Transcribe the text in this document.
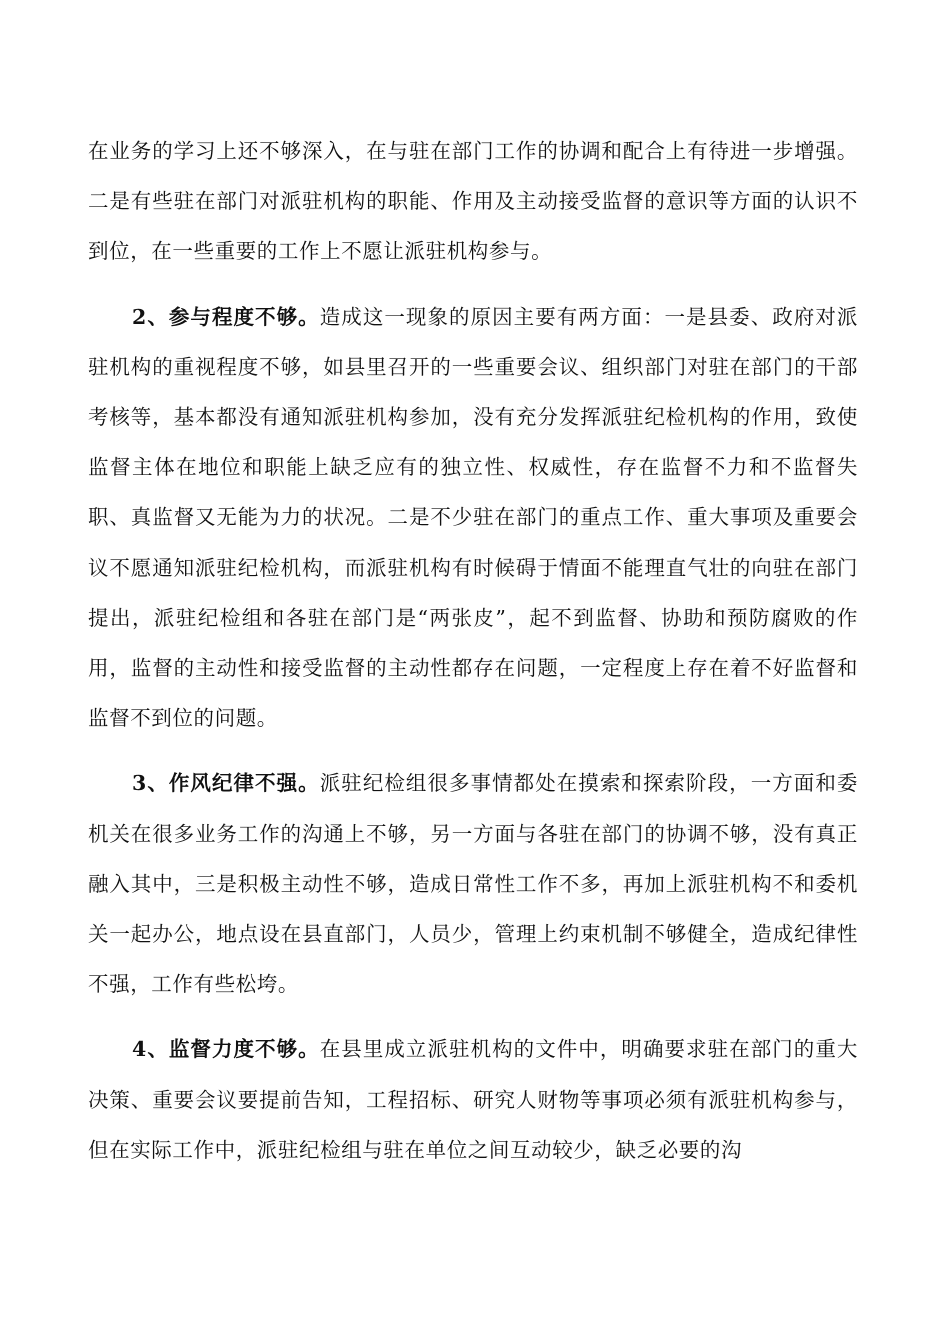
在业务的学习上还不够深入，在与驻在部门工作的协调和配合上有待进一步增强。二是有些驻在部门对派驻机构的职能、作用及主动接受监督的意识等方面的认识不到位，在一些重要的工作上不愿让派驻机构参与。

2、参与程度不够。造成这一现象的原因主要有两方面：一是县委、政府对派驻机构的重视程度不够，如县里召开的一些重要会议、组织部门对驻在部门的干部考核等，基本都没有通知派驻机构参加，没有充分发挥派驻纪检机构的作用，致使监督主体在地位和职能上缺乏应有的独立性、权威性，存在监督不力和不监督失职、真监督又无能为力的状况。二是不少驻在部门的重点工作、重大事项及重要会议不愿通知派驻纪检机构，而派驻机构有时候碍于情面不能理直气壮的向驻在部门提出，派驻纪检组和各驻在部门是“两张皮”，起不到监督、协助和预防腐败的作用，监督的主动性和接受监督的主动性都存在问题，一定程度上存在着不好监督和监督不到位的问题。

3、作风纪律不强。派驻纪检组很多事情都处在摸索和探索阶段，一方面和委机关在很多业务工作的沟通上不够，另一方面与各驻在部门的协调不够，没有真正融入其中，三是积极主动性不够，造成日常性工作不多，再加上派驻机构不和委机关一起办公，地点设在县直部门，人员少，管理上约束机制不够健全，造成纪律性不强，工作有些松垮。

4、监督力度不够。在县里成立派驻机构的文件中，明确要求驻在部门的重大决策、重要会议要提前告知，工程招标、研究人财物等事项必须有派驻机构参与，但在实际工作中，派驻纪检组与驻在单位之间互动较少，缺乏必要的沟
